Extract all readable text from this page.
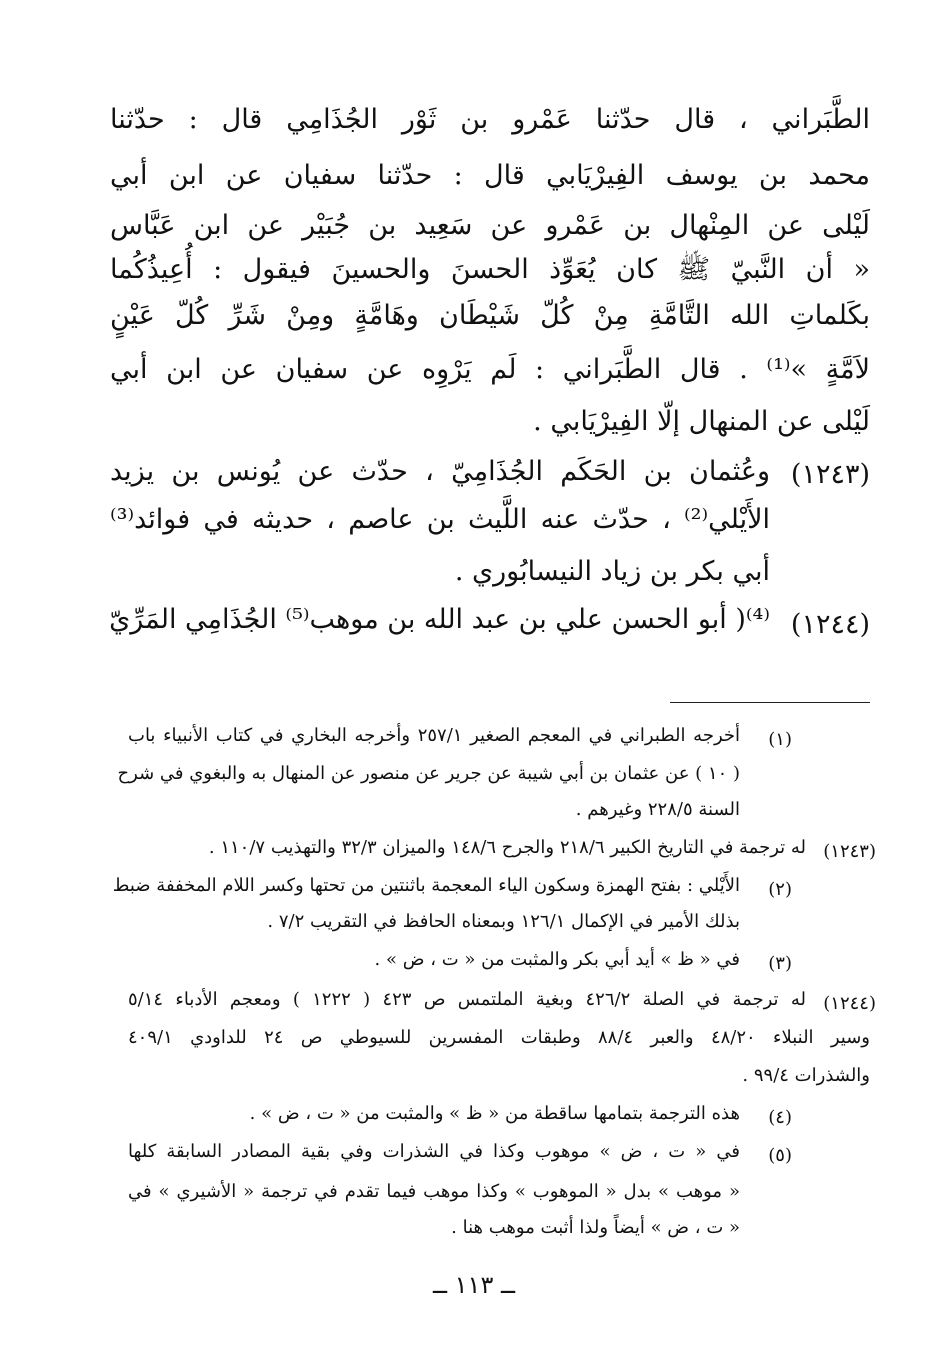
الطَّبَراني ، قال حدّثنا عَمْرو بن ثَوْر الجُذَامِي قال : حدّثنا
محمد بن يوسف الفِيرْيَابي قال : حدّثنا سفيان عن ابن أبي
لَيْلى عن المِنْهال بن عَمْرو عن سَعِيد بن جُبَيْر عن ابن عَبَّاس
« أن النَّبيّ ﷺ كان يُعَوِّذ الحسنَ والحسينَ فيقول : أُعِيذُكُما
بكَلماتِ الله التَّامَّةِ مِنْ كُلّ شَيْطَان وهَامَّةٍ ومِنْ شَرِّ كُلّ عَيْنٍ
لاَمَّةٍ »⁽¹⁾ . قال الطَّبَراني : لَم يَرْوِه عن سفيان عن ابن أبي
لَيْلى عن المنهال إلّا الفِيرْيَابي .
(١٢٤٣)
وعُثمان بن الحَكَم الجُذَامِيّ ، حدّث عن يُونس بن يزيد
الأَيْلي⁽²⁾ ، حدّث عنه اللَّيث بن عاصم ، حديثه في فوائد⁽³⁾
أبي بكر بن زياد النيسابُوري .
(١٢٤٤)
⁽⁴⁾( أبو الحسن علي بن عبد الله بن موهب⁽⁵⁾ الجُذَامِي المَرِّيّ
(١)
أخرجه الطبراني في المعجم الصغير ٢٥٧/١ وأخرجه البخاري في كتاب الأنبياء باب
( ١٠ ) عن عثمان بن أبي شيبة عن جرير عن منصور عن المنهال به والبغوي في شرح
السنة ٢٢٨/٥ وغيرهم .
(١٢٤٣)
له ترجمة في التاريخ الكبير ٢١٨/٦ والجرح ١٤٨/٦ والميزان ٣٢/٣ والتهذيب ١١٠/٧ .
(٢)
الأَيْلي : بفتح الهمزة وسكون الياء المعجمة باثنتين من تحتها وكسر اللام المخففة ضبط
بذلك الأمير في الإكمال ١٢٦/١ وبمعناه الحافظ في التقريب ٧/٢ .
(٣)
في « ظ » أيد أبي بكر والمثبت من « ت ، ض » .
(١٢٤٤)
له ترجمة في الصلة ٤٢٦/٢ وبغية الملتمس ص ٤٢٣ ( ١٢٢٢ ) ومعجم الأدباء ٥/١٤
وسير النبلاء ٤٨/٢٠ والعبر ٨٨/٤ وطبقات المفسرين للسيوطي ص ٢٤ للداودي ٤٠٩/١
والشذرات ٩٩/٤ .
(٤)
هذه الترجمة بتمامها ساقطة من « ظ » والمثبت من « ت ، ض » .
(٥)
في « ت ، ض » موهوب وكذا في الشذرات وفي بقية المصادر السابقة كلها
« موهب » بدل « الموهوب » وكذا موهب فيما تقدم في ترجمة « الأشيري » في
« ت ، ض » أيضاً ولذا أثبت موهب هنا .
ــ ١١٣ ــ
